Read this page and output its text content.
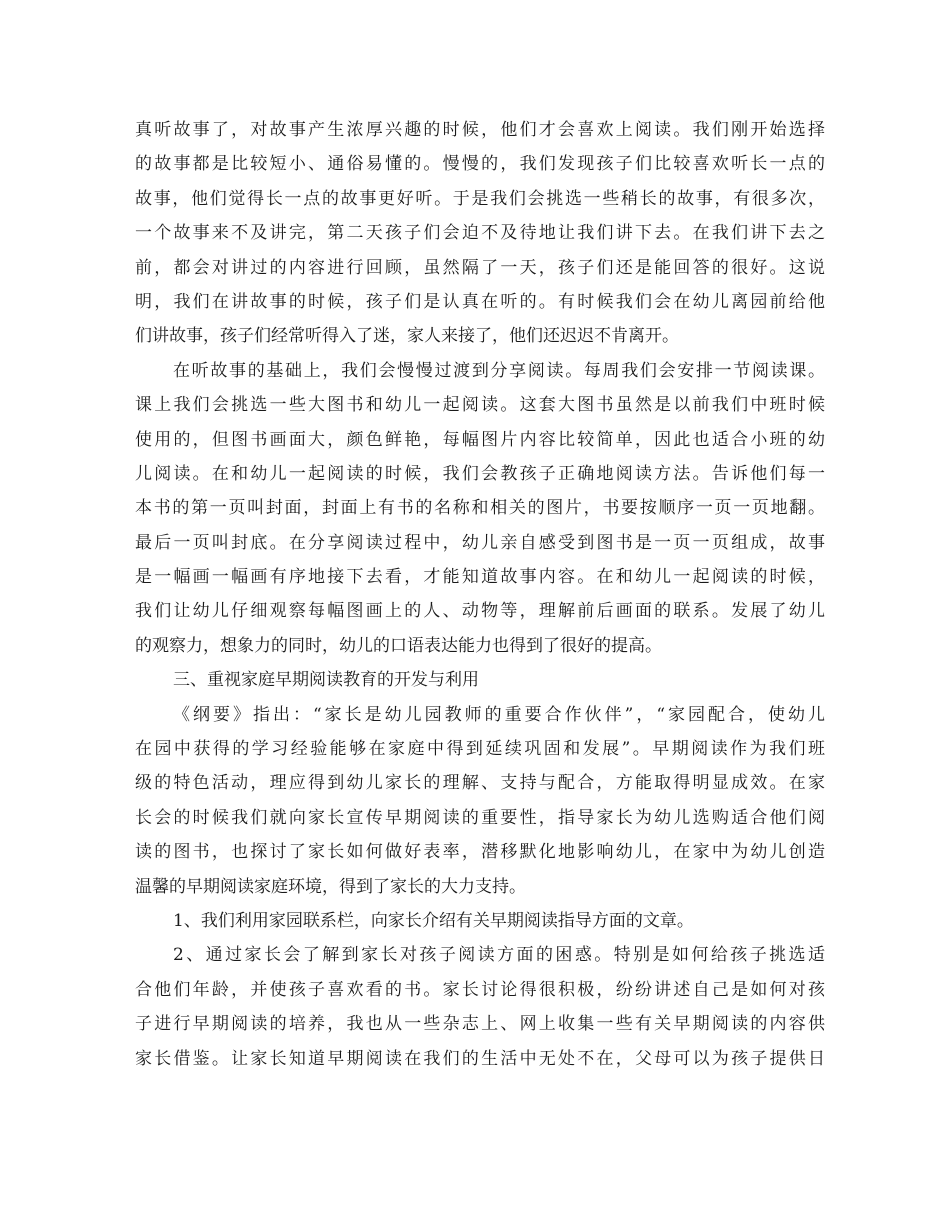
真听故事了，对故事产生浓厚兴趣的时候，他们才会喜欢上阅读。我们刚开始选择
的故事都是比较短小、通俗易懂的。慢慢的，我们发现孩子们比较喜欢听长一点的
故事，他们觉得长一点的故事更好听。于是我们会挑选一些稍长的故事，有很多次，
一个故事来不及讲完，第二天孩子们会迫不及待地让我们讲下去。在我们讲下去之
前，都会对讲过的内容进行回顾，虽然隔了一天，孩子们还是能回答的很好。这说
明，我们在讲故事的时候，孩子们是认真在听的。有时候我们会在幼儿离园前给他
们讲故事，孩子们经常听得入了迷，家人来接了，他们还迟迟不肯离开。
在听故事的基础上，我们会慢慢过渡到分享阅读。每周我们会安排一节阅读课。
课上我们会挑选一些大图书和幼儿一起阅读。这套大图书虽然是以前我们中班时候
使用的，但图书画面大，颜色鲜艳，每幅图片内容比较简单，因此也适合小班的幼
儿阅读。在和幼儿一起阅读的时候，我们会教孩子正确地阅读方法。告诉他们每一
本书的第一页叫封面，封面上有书的名称和相关的图片，书要按顺序一页一页地翻。
最后一页叫封底。在分享阅读过程中，幼儿亲自感受到图书是一页一页组成，故事
是一幅画一幅画有序地接下去看，才能知道故事内容。在和幼儿一起阅读的时候，
我们让幼儿仔细观察每幅图画上的人、动物等，理解前后画面的联系。发展了幼儿
的观察力，想象力的同时，幼儿的口语表达能力也得到了很好的提高。
三、重视家庭早期阅读教育的开发与利用
《纲要》指出：“家长是幼儿园教师的重要合作伙伴”，“家园配合，使幼儿
在园中获得的学习经验能够在家庭中得到延续巩固和发展”。早期阅读作为我们班
级的特色活动，理应得到幼儿家长的理解、支持与配合，方能取得明显成效。在家
长会的时候我们就向家长宣传早期阅读的重要性，指导家长为幼儿选购适合他们阅
读的图书，也探讨了家长如何做好表率，潜移默化地影响幼儿，在家中为幼儿创造
温馨的早期阅读家庭环境，得到了家长的大力支持。
1、我们利用家园联系栏，向家长介绍有关早期阅读指导方面的文章。
2、通过家长会了解到家长对孩子阅读方面的困惑。特别是如何给孩子挑选适
合他们年龄，并使孩子喜欢看的书。家长讨论得很积极，纷纷讲述自己是如何对孩
子进行早期阅读的培养，我也从一些杂志上、网上收集一些有关早期阅读的内容供
家长借鉴。让家长知道早期阅读在我们的生活中无处不在，父母可以为孩子提供日
